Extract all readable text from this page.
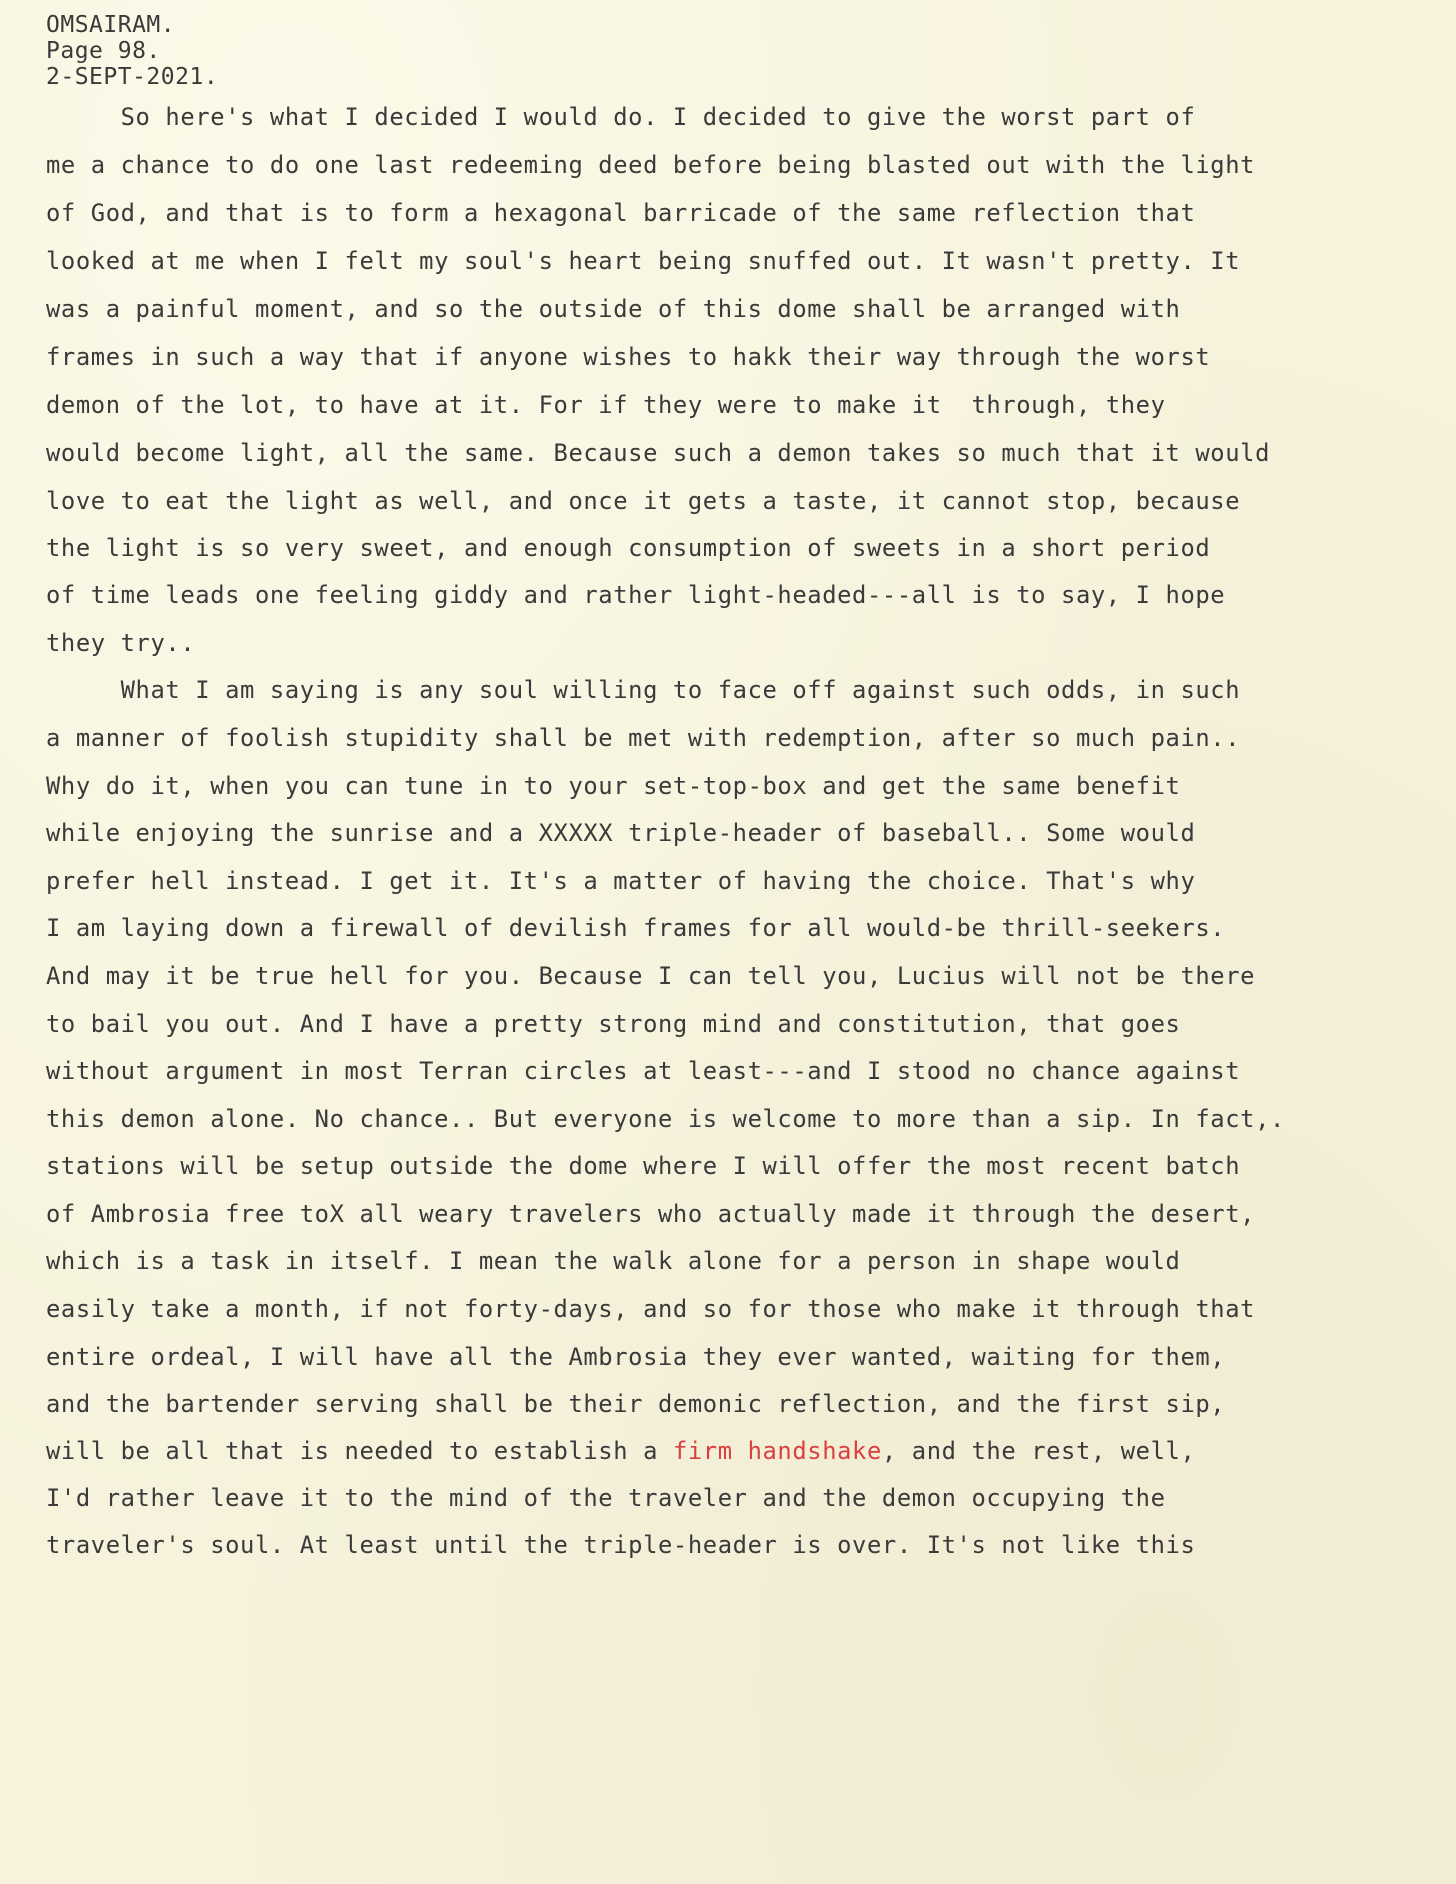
OMSAIRAM.
Page 98.
2-SEPT-2021.
So here's what I decided I would do. I decided to give the worst part of
me a chance to do one last redeeming deed before being blasted out with the light
of God, and that is to form a hexagonal barricade of the same reflection that
looked at me when I felt my soul's heart being snuffed out. It wasn't pretty. It
was a painful moment, and so the outside of this dome shall be arranged with
frames in such a way that if anyone wishes to hakk their way through the worst
demon of the lot, to have at it. For if they were to make it  through, they
would become light, all the same. Because such a demon takes so much that it would
love to eat the light as well, and once it gets a taste, it cannot stop, because
the light is so very sweet, and enough consumption of sweets in a short period
of time leads one feeling giddy and rather light-headed---all is to say, I hope
they try..
What I am saying is any soul willing to face off against such odds, in such
a manner of foolish stupidity shall be met with redemption, after so much pain..
Why do it, when you can tune in to your set-top-box and get the same benefit
while enjoying the sunrise and a XXXXX triple-header of baseball.. Some would
prefer hell instead. I get it. It's a matter of having the choice. That's why
I am laying down a firewall of devilish frames for all would-be thrill-seekers.
And may it be true hell for you. Because I can tell you, Lucius will not be there
to bail you out. And I have a pretty strong mind and constitution, that goes
without argument in most Terran circles at least---and I stood no chance against
this demon alone. No chance.. But everyone is welcome to more than a sip. In fact,.
stations will be setup outside the dome where I will offer the most recent batch
of Ambrosia free toX all weary travelers who actually made it through the desert,
which is a task in itself. I mean the walk alone for a person in shape would
easily take a month, if not forty-days, and so for those who make it through that
entire ordeal, I will have all the Ambrosia they ever wanted, waiting for them,
and the bartender serving shall be their demonic reflection, and the first sip,
will be all that is needed to establish a firm handshake, and the rest, well,
I'd rather leave it to the mind of the traveler and the demon occupying the
traveler's soul. At least until the triple-header is over. It's not like this
